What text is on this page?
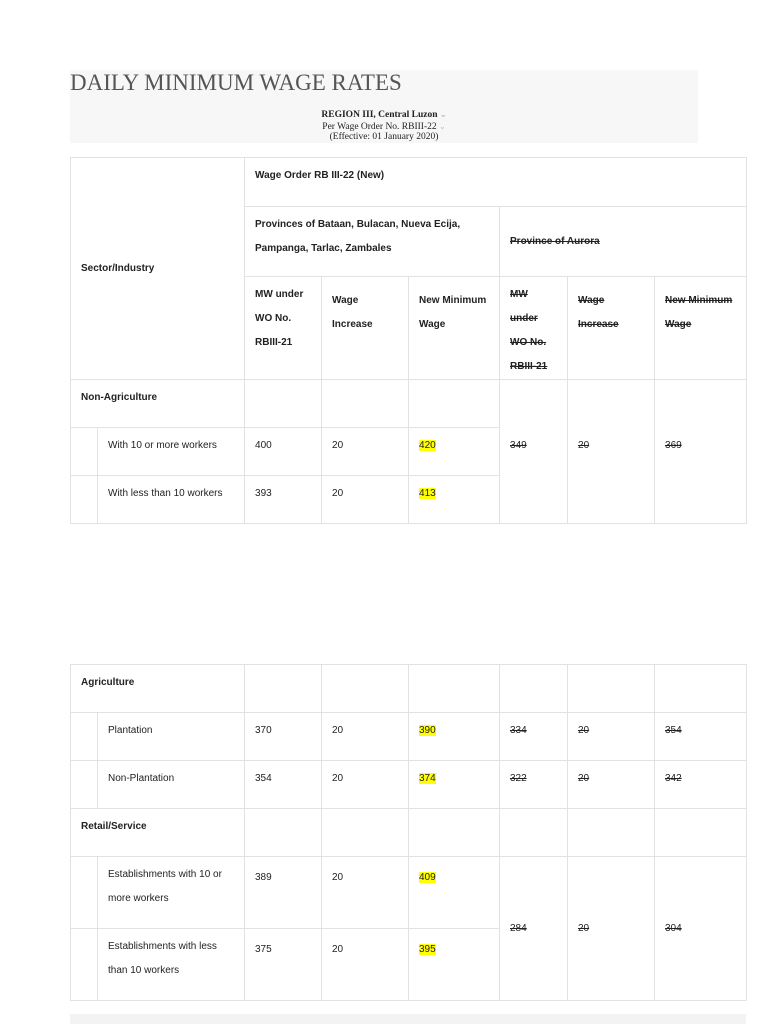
DAILY MINIMUM WAGE RATES
REGION III, Central Luzon ⌄
Per Wage Order No. RBIII-22 ⌄
(Effective: 01 January 2020)
Sector/Industry		Wage Order RB III-22 (New)					
		Provinces of Bataan, Bulacan, Nueva Ecija, Pampanga, Tarlac, Zambales			Province of Aurora		
		MW under WO No. RBIII-21	Wage Increase	New Minimum Wage	MW under WO No. RBIII-21	Wage Increase	New Minimum Wage
Non-Agriculture					349	20	369
	With 10 or more workers	400	20	420			
	With less than 10 workers	393	20	413			
Agriculture							
	Plantation	370	20	390	334	20	354
	Non-Plantation	354	20	374	322	20	342
Retail/Service							
	Establishments with 10 or more workers	389	20	409	284	20	304
	Establishments with less than 10 workers	375	20	395			
